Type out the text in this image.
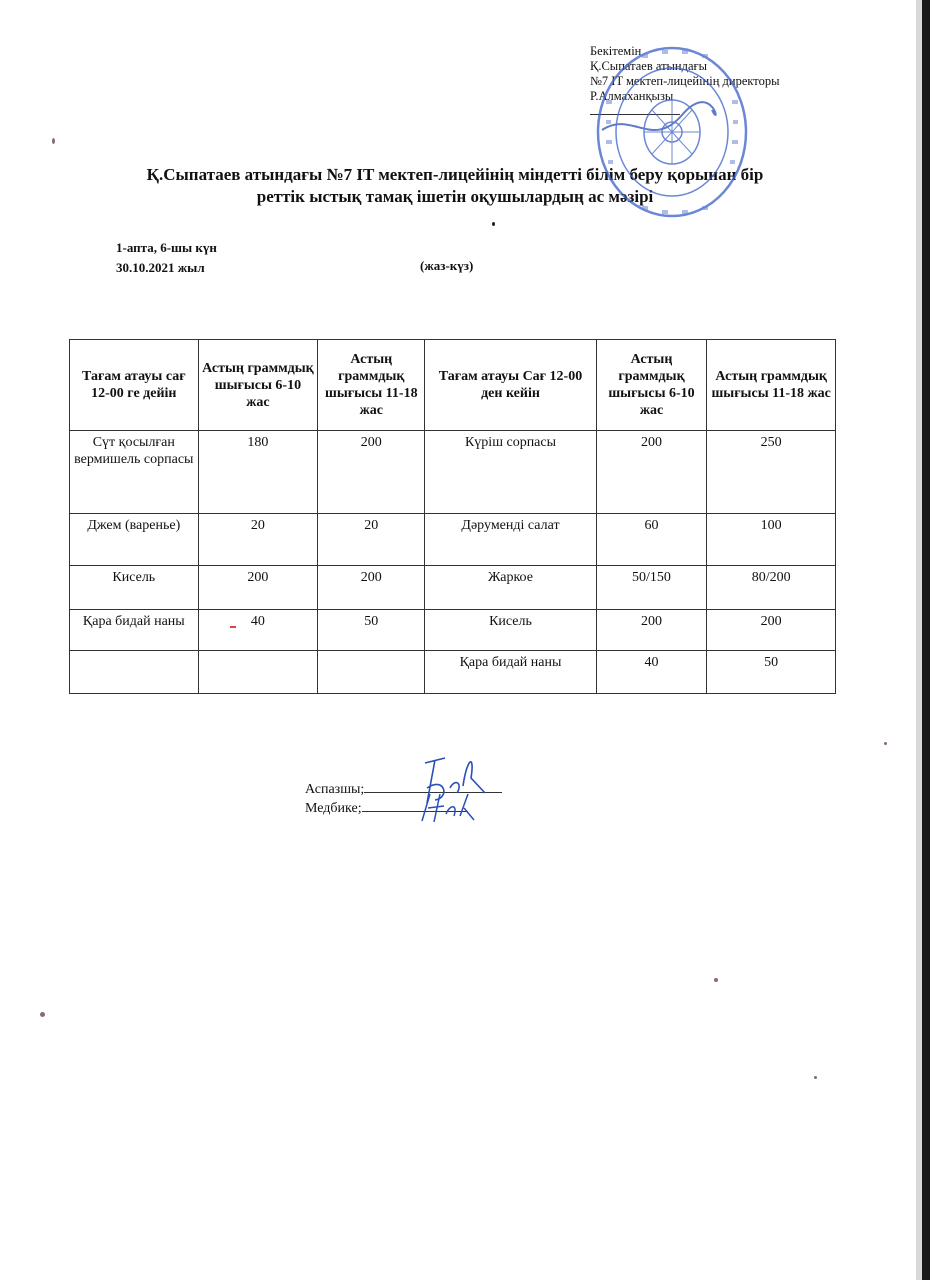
Бекітемін
Қ.Сыпатаев атындағы
№7 IT мектеп-лицейінің директоры
Р.Алмаханқызы
Қ.Сыпатаев атындағы №7 IT мектеп-лицейінің міндетті білім беру қорынан бір
реттік ыстық тамақ ішетін оқушылардың ас мәзірі
1-апта, 6-шы күн
30.10.2021 жыл	(жаз-күз)
Тағам атауы сағ 12-00 ге дейін	Астың граммдық шығысы 6-10 жас	Астың граммдық шығысы 11-18 жас	Тағам атауы Сағ 12-00 ден кейін	Астың граммдық шығысы 6-10 жас	Астың граммдық шығысы 11-18 жас
Сүт қосылған вермишель сорпасы	180	200	Күріш сорпасы	200	250
Джем (варенье)	20	20	Дәруменді салат	60	100
Кисель	200	200	Жаркое	50/150	80/200
Қара бидай наны	40	50	Кисель	200	200
			Қара бидай наны	40	50
Аспазшы;
Медбике;
